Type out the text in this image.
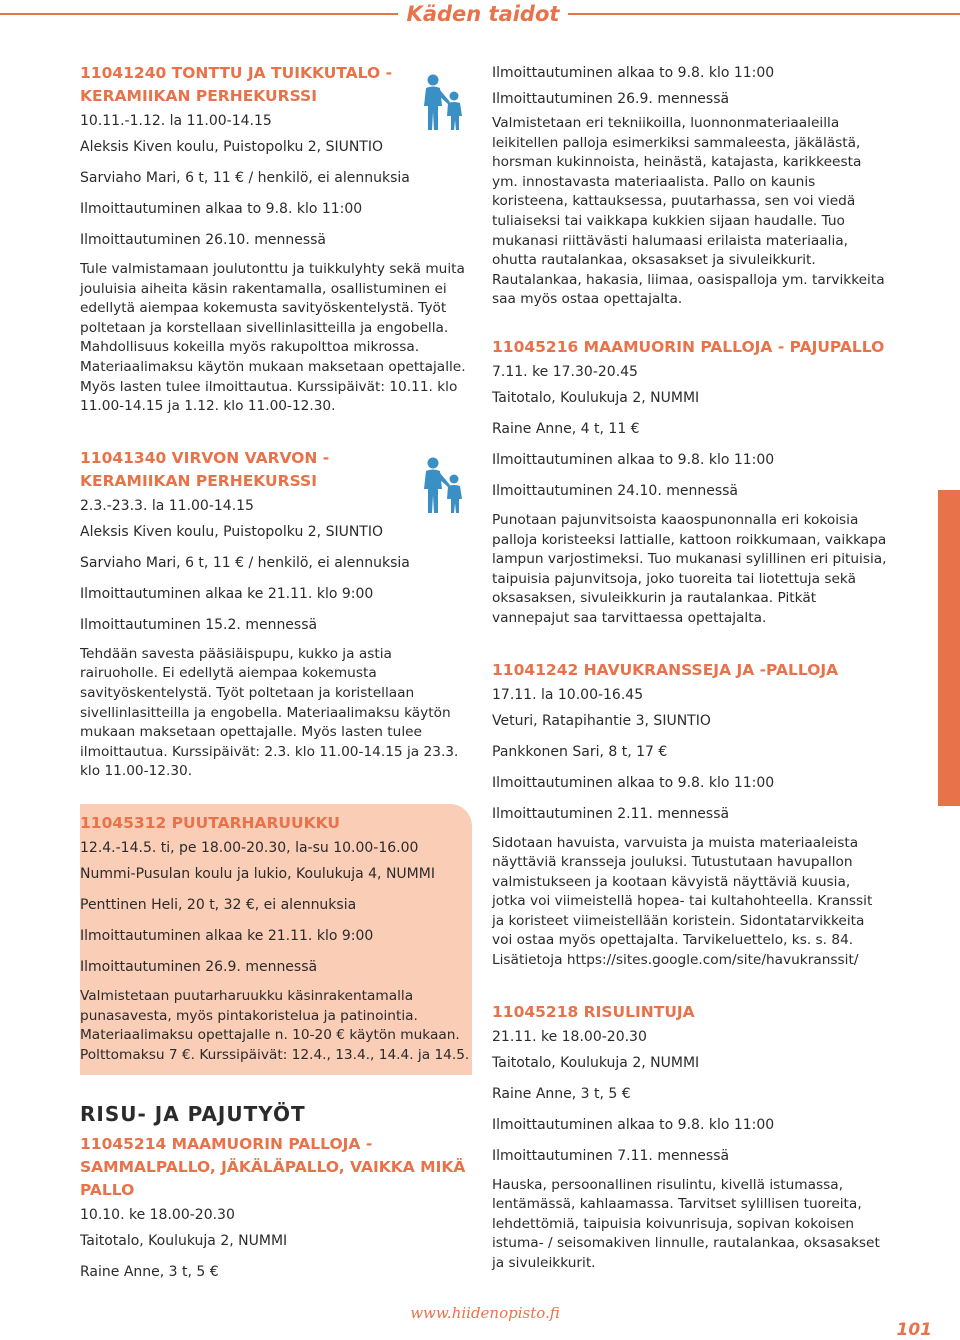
Käden taidot
11041240 TONTTU JA TUIKKUTALO - KERAMIIKAN PERHEKURSSI
10.11.-1.12. la 11.00-14.15
Aleksis Kiven koulu, Puistopolku 2, SIUNTIO
Sarviaho Mari, 6 t, 11 € / henkilö, ei alennuksia
Ilmoittautuminen alkaa to 9.8. klo 11:00
Ilmoittautuminen 26.10. mennessä
Tule valmistamaan joulutonttu ja tuikkulyhty sekä muita jouluisia aiheita käsin rakentamalla, osallistuminen ei edellytä aiempaa kokemusta savityöskentelystä. Työt poltetaan ja korstellaan sivellinlasitteilla ja engobella. Mahdollisuus kokeilla myös rakupolttoa mikrossa. Materiaalimaksu käytön mukaan maksetaan opettajalle. Myös lasten tulee ilmoittautua. Kurssipäivät: 10.11. klo 11.00-14.15 ja 1.12. klo 11.00-12.30.
11041340 VIRVON VARVON - KERAMIIKAN PERHEKURSSI
2.3.-23.3. la 11.00-14.15
Aleksis Kiven koulu, Puistopolku 2, SIUNTIO
Sarviaho Mari, 6 t, 11 € / henkilö, ei alennuksia
Ilmoittautuminen alkaa ke 21.11. klo 9:00
Ilmoittautuminen 15.2. mennessä
Tehdään savesta pääsiäispupu, kukko ja astia rairuoholle. Ei edellytä aiempaa kokemusta savityöskentelystä. Työt poltetaan ja koristellaan sivellinlasitteilla ja engobella. Materiaalimaksu käytön mukaan maksetaan opettajalle. Myös lasten tulee ilmoittautua. Kurssipäivät: 2.3. klo 11.00-14.15 ja 23.3. klo 11.00-12.30.
11045312 PUUTARHARUUKKU
12.4.-14.5. ti, pe 18.00-20.30, la-su 10.00-16.00
Nummi-Pusulan koulu ja lukio, Koulukuja 4, NUMMI
Penttinen Heli, 20 t, 32 €, ei alennuksia
Ilmoittautuminen alkaa ke 21.11. klo 9:00
Ilmoittautuminen 26.9. mennessä
Valmistetaan puutarharuukku käsinrakentamalla punasavesta, myös pintakoristelua ja patinointia. Materiaalimaksu opettajalle n. 10-20 € käytön mukaan. Polttomaksu 7 €. Kurssipäivät: 12.4., 13.4., 14.4. ja 14.5.
RISU- JA PAJUTYÖT
11045214 MAAMUORIN PALLOJA - SAMMALPALLO, JÄKÄLÄPALLO, VAIKKA MIKÄ PALLO
10.10. ke 18.00-20.30
Taitotalo, Koulukuja 2, NUMMI
Raine Anne, 3 t, 5 €
Ilmoittautuminen alkaa to 9.8. klo 11:00
Ilmoittautuminen 26.9. mennessä
Valmistetaan eri tekniikoilla, luonnonmateriaaleilla leikitellen palloja esimerkiksi sammaleesta, jäkälästä, horsman kukinnoista, heinästä, katajasta, karikkeesta ym. innostavasta materiaalista. Pallo on kaunis koristeena, kattauksessa, puutarhassa, sen voi viedä tuliaiseksi tai vaikkapa kukkien sijaan haudalle. Tuo mukanasi riittävästi halumaasi erilaista materiaalia, ohutta rautalankaa, oksasakset ja sivuleikkurit. Rautalankaa, hakasia, liimaa, oasispalloja ym. tarvikkeita saa myös ostaa opettajalta.
11045216 MAAMUORIN PALLOJA - PAJUPALLO
7.11. ke 17.30-20.45
Taitotalo, Koulukuja 2, NUMMI
Raine Anne, 4 t, 11 €
Ilmoittautuminen alkaa to 9.8. klo 11:00
Ilmoittautuminen 24.10. mennessä
Punotaan pajunvitsoista kaaospunonnalla eri kokoisia palloja koristeeksi lattialle, kattoon roikkumaan, vaikkapa lampun varjostimeksi. Tuo mukanasi sylillinen eri pituisia, taipuisia pajunvitsoja, joko tuoreita tai liotettuja sekä oksasaksen, sivuleikkurin ja rautalankaa. Pitkät vannepajut saa tarvittaessa opettajalta.
11041242 HAVUKRANSSEJA JA -PALLOJA
17.11. la 10.00-16.45
Veturi, Ratapihantie 3, SIUNTIO
Pankkonen Sari, 8 t, 17 €
Ilmoittautuminen alkaa to 9.8. klo 11:00
Ilmoittautuminen 2.11. mennessä
Sidotaan havuista, varvuista ja muista materiaaleista näyttäviä kransseja jouluksi. Tutustutaan havupallon valmistukseen ja kootaan kävyistä näyttäviä kuusia, jotka voi viimeistellä hopea- tai kultahohteella. Kranssit ja koristeet viimeistellään koristein. Sidontatarvikkeita voi ostaa myös opettajalta. Tarvikeluettelo, ks. s. 84. Lisätietoja https://sites.google.com/site/havukranssit/
11045218 RISULINTUJA
21.11. ke 18.00-20.30
Taitotalo, Koulukuja 2, NUMMI
Raine Anne, 3 t, 5 €
Ilmoittautuminen alkaa to 9.8. klo 11:00
Ilmoittautuminen 7.11. mennessä
Hauska, persoonallinen risulintu, kivellä istumassa, lentämässä, kahlaamassa. Tarvitset sylillisen tuoreita, lehdettömiä, taipuisia koivunrisuja, sopivan kokoisen istuma- / seisomakiven linnulle, rautalankaa, oksasakset ja sivuleikkurit.
www.hiidenopisto.fi
101
